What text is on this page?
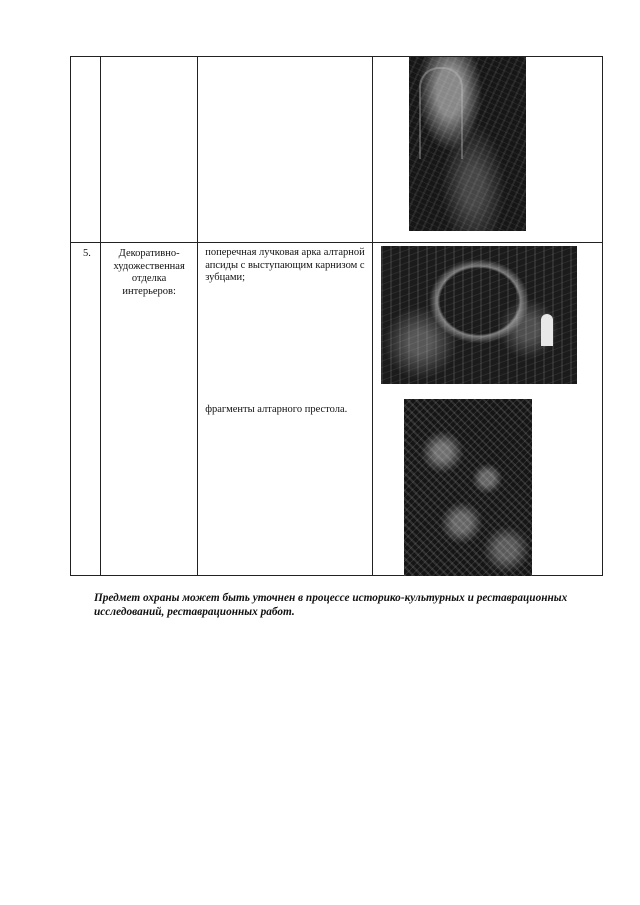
5.	Декоративно-художественная отделка интерьеров:	поперечная лучковая арка алтарной апсиды с выступающим карнизом с зубцами;
фрагменты алтарного престола.	

Предмет охраны может быть уточнен в процессе историко-культурных и реставрационных исследований, реставрационных работ.
